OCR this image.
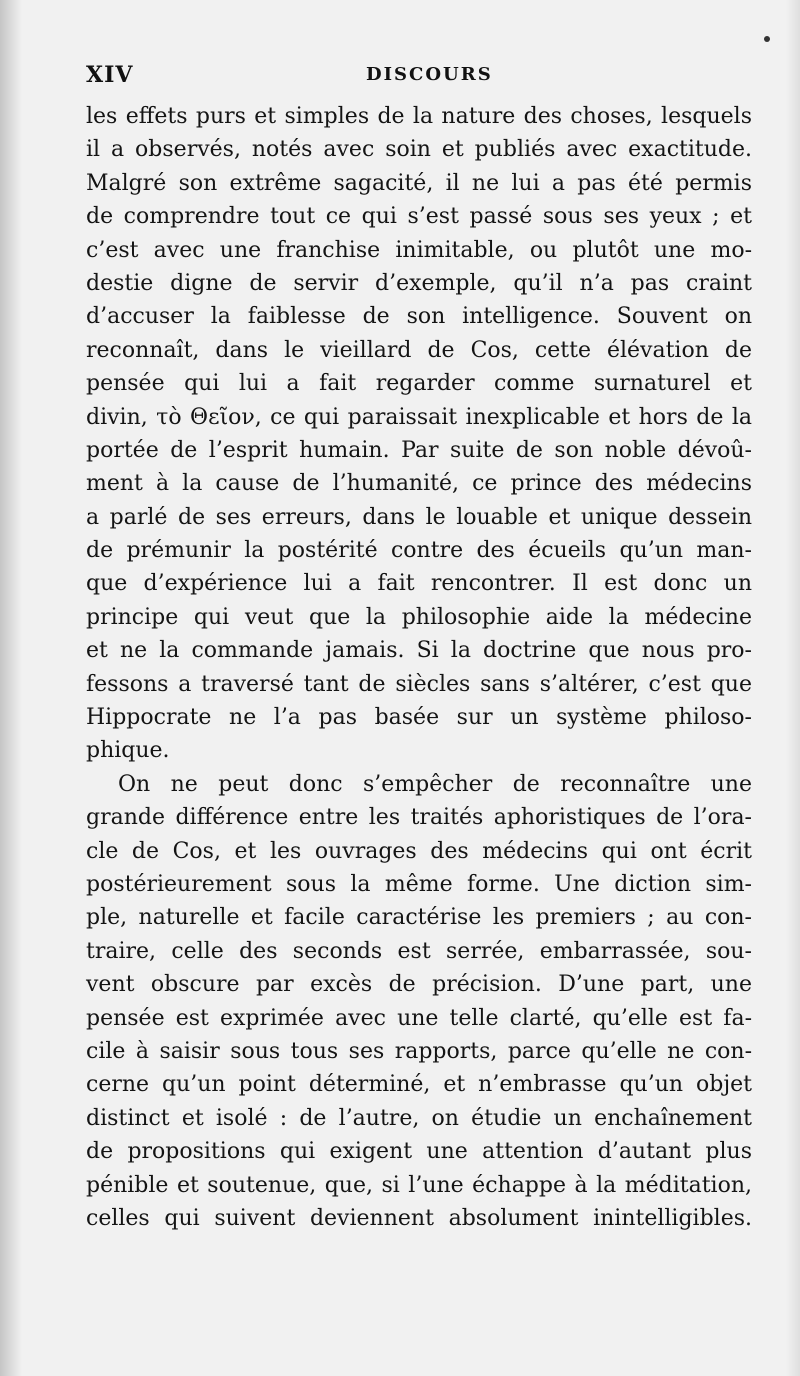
XIV	DISCOURS
les effets purs et simples de la nature des choses, lesquels
il a observés, notés avec soin et publiés avec exactitude.
Malgré son extrême sagacité, il ne lui a pas été permis
de comprendre tout ce qui s’est passé sous ses yeux ; et
c’est avec une franchise inimitable, ou plutôt une mo-
destie digne de servir d’exemple, qu’il n’a pas craint
d’accuser la faiblesse de son intelligence. Souvent on
reconnaît, dans le vieillard de Cos, cette élévation de
pensée qui lui a fait regarder comme surnaturel et
divin, τὸ Θεῖον, ce qui paraissait inexplicable et hors de la
portée de l’esprit humain. Par suite de son noble dévoû-
ment à la cause de l’humanité, ce prince des médecins
a parlé de ses erreurs, dans le louable et unique dessein
de prémunir la postérité contre des écueils qu’un man-
que d’expérience lui a fait rencontrer. Il est donc un
principe qui veut que la philosophie aide la médecine
et ne la commande jamais. Si la doctrine que nous pro-
fessons a traversé tant de siècles sans s’altérer, c’est que
Hippocrate ne l’a pas basée sur un système philoso-
phique.
On ne peut donc s’empêcher de reconnaître une
grande différence entre les traités aphoristiques de l’ora-
cle de Cos, et les ouvrages des médecins qui ont écrit
postérieurement sous la même forme. Une diction sim-
ple, naturelle et facile caractérise les premiers ; au con-
traire, celle des seconds est serrée, embarrassée, sou-
vent obscure par excès de précision. D’une part, une
pensée est exprimée avec une telle clarté, qu’elle est fa-
cile à saisir sous tous ses rapports, parce qu’elle ne con-
cerne qu’un point déterminé, et n’embrasse qu’un objet
distinct et isolé : de l’autre, on étudie un enchaînement
de propositions qui exigent une attention d’autant plus
pénible et soutenue, que, si l’une échappe à la méditation,
celles qui suivent deviennent absolument inintelligibles.
